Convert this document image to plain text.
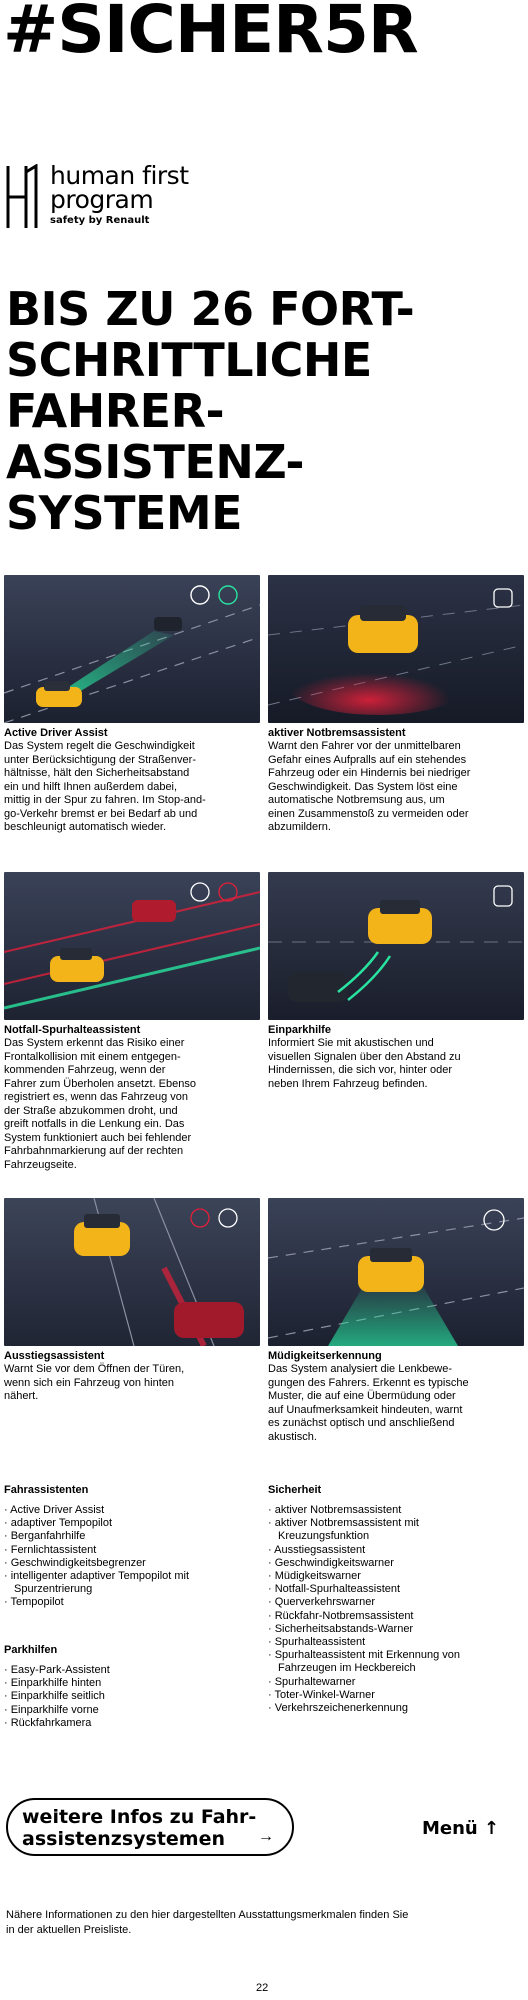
#SICHER5R
human first
program
safety by Renault
BIS ZU 26 FORT-
SCHRITTLICHE
FAHRER-
ASSISTENZ-
SYSTEME
Active Driver Assist
Das System regelt die Geschwindigkeit
unter Berücksichtigung der Straßenver-
hältnisse, hält den Sicherheitsabstand
ein und hilft Ihnen außerdem dabei,
mittig in der Spur zu fahren. Im Stop-and-
go-Verkehr bremst er bei Bedarf ab und
beschleunigt automatisch wieder.
aktiver Notbremsassistent
Warnt den Fahrer vor der unmittelbaren
Gefahr eines Aufpralls auf ein stehendes
Fahrzeug oder ein Hindernis bei niedriger
Geschwindigkeit. Das System löst eine
automatische Notbremsung aus, um
einen Zusammenstoß zu vermeiden oder
abzumildern.
Notfall-Spurhalteassistent
Das System erkennt das Risiko einer
Frontalkollision mit einem entgegen-
kommenden Fahrzeug, wenn der
Fahrer zum Überholen ansetzt. Ebenso
registriert es, wenn das Fahrzeug von
der Straße abzukommen droht, und
greift notfalls in die Lenkung ein. Das
System funktioniert auch bei fehlender
Fahrbahnmarkierung auf der rechten
Fahrzeugseite.
Einparkhilfe
Informiert Sie mit akustischen und
visuellen Signalen über den Abstand zu
Hindernissen, die sich vor, hinter oder
neben Ihrem Fahrzeug befinden.
Ausstiegsassistent
Warnt Sie vor dem Öffnen der Türen,
wenn sich ein Fahrzeug von hinten
nähert.
Müdigkeitserkennung
Das System analysiert die Lenkbewe-
gungen des Fahrers. Erkennt es typische
Muster, die auf eine Übermüdung oder
auf Unaufmerksamkeit hindeuten, warnt
es zunächst optisch und anschließend
akustisch.
Fahrassistenten
· Active Driver Assist
· adaptiver Tempopilot
· Berganfahrhilfe
· Fernlichtassistent
· Geschwindigkeitsbegrenzer
· intelligenter adaptiver Tempopilot mit
Spurzentrierung
· Tempopilot
Parkhilfen
· Easy-Park-Assistent
· Einparkhilfe hinten
· Einparkhilfe seitlich
· Einparkhilfe vorne
· Rückfahrkamera
Sicherheit
· aktiver Notbremsassistent
· aktiver Notbremsassistent mit
Kreuzungsfunktion
· Ausstiegsassistent
· Geschwindigkeitswarner
· Müdigkeitswarner
· Notfall-Spurhalteassistent
· Querverkehrswarner
· Rückfahr-Notbremsassistent
· Sicherheitsabstands-Warner
· Spurhalteassistent
· Spurhalteassistent mit Erkennung von
Fahrzeugen im Heckbereich
· Spurhaltewarner
· Toter-Winkel-Warner
· Verkehrszeichenerkennung
weitere Infos zu Fahr-
assistenzsystemen →	Menü ↑
Nähere Informationen zu den hier dargestellten Ausstattungsmerkmalen finden Sie
in der aktuellen Preisliste.
22
